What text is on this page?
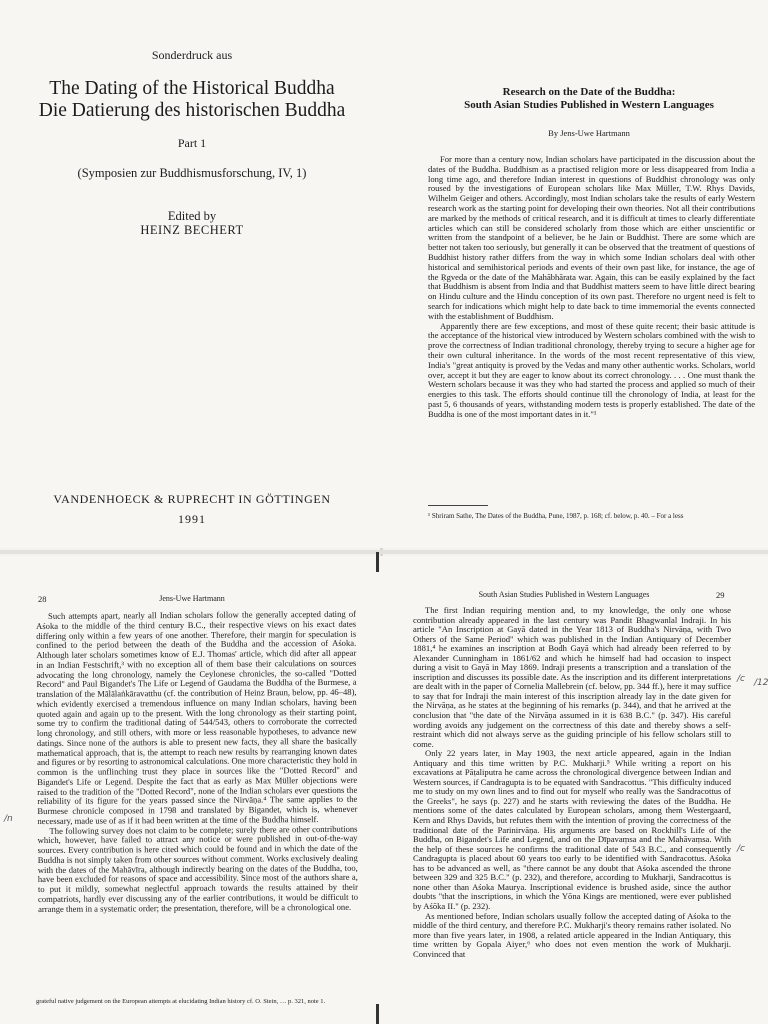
Sonderdruck aus
The Dating of the Historical Buddha
Die Datierung des historischen Buddha
Part 1
(Symposien zur Buddhismusforschung, IV, 1)
Edited by
HEINZ BECHERT
VANDENHOECK & RUPRECHT IN GÖTTINGEN
1991
Research on the Date of the Buddha:
South Asian Studies Published in Western Languages
By Jens-Uwe Hartmann

For more than a century now, Indian scholars have participated in the discussion about the dates of the Buddha. Buddhism as a practised religion more or less disappeared from India a long time ago, and therefore Indian interest in questions of Buddhist chronology was only roused by the investigations of European scholars like Max Müller, T.W. Rhys Davids, Wilhelm Geiger and others. Accordingly, most Indian scholars take the results of early Western research work as the starting point for developing their own theories. Not all their contributions are marked by the methods of critical research, and it is difficult at times to clearly differentiate articles which can still be considered scholarly from those which are either unscientific or written from the standpoint of a believer, be he Jain or Buddhist. There are some which are better not taken too seriously, but generally it can be observed that the treatment of questions of Buddhist history rather differs from the way in which some Indian scholars deal with other historical and semihistorical periods and events of their own past like, for instance, the age of the Ṛgveda or the date of the Mahābhārata war. Again, this can be easily explained by the fact that Buddhism is absent from India and that Buddhist matters seem to have little direct bearing on Hindu culture and the Hindu conception of its own past. Therefore no urgent need is felt to search for indications which might help to date back to time immemorial the events connected with the establishment of Buddhism.

Apparently there are few exceptions, and most of these quite recent; their basic attitude is the acceptance of the historical view introduced by Western scholars combined with the wish to prove the correctness of Indian traditional chronology, thereby trying to secure a higher age for their own cultural inheritance. In the words of the most recent representative of this view, India's "great antiquity is proved by the Vedas and many other authentic works. Scholars, world over, accept it but they are eager to know about its correct chronology. . . . One must thank the Western scholars because it was they who had started the process and applied so much of their energies to this task. The efforts should continue till the chronology of India, at least for the past 5, 6 thousands of years, withstanding modern tests is properly established. The date of the Buddha is one of the most important dates in it."¹

¹ Shriram Sathe, The Dates of the Buddha, Pune, 1987, p. 168; cf. below, p. 40. – For a less
28	Jens-Uwe Hartmann

Such attempts apart, nearly all Indian scholars follow the generally accepted dating of Aśoka to the middle of the third century B.C., their respective views on his exact dates differing only within a few years of one another. Therefore, their margin for speculation is confined to the period between the death of the Buddha and the accession of Aśoka. Although later scholars sometimes know of E.J. Thomas' article, which did after all appear in an Indian Festschrift,³ with no exception all of them base their calculations on sources advocating the long chronology, namely the Ceylonese chronicles, the so-called "Dotted Record" and Paul Bigandet's The Life or Legend of Gaudama the Buddha of the Burmese, a translation of the Mālālaṅkāravatthu (cf. the contribution of Heinz Braun, below, pp. 46–48), which evidently exercised a tremendous influence on many Indian scholars, having been quoted again and again up to the present. With the long chronology as their starting point, some try to confirm the traditional dating of 544/543, others to corroborate the corrected long chronology, and still others, with more or less reasonable hypotheses, to advance new datings. Since none of the authors is able to present new facts, they all share the basically mathematical approach, that is, the attempt to reach new results by rearranging known dates and figures or by resorting to astronomical calculations. One more characteristic they hold in common is the unflinching trust they place in sources like the "Dotted Record" and Bigandet's Life or Legend. Despite the fact that as early as Max Müller objections were raised to the tradition of the "Dotted Record", none of the Indian scholars ever questions the reliability of its figure for the years passed since the Nirvāṇa.⁴ The same applies to the Burmese chronicle composed in 1798 and translated by Bigandet, which is, whenever necessary, made use of as if it had been written at the time of the Buddha himself.

The following survey does not claim to be complete; surely there are other contributions which, however, have failed to attract any notice or were published in out-of-the-way sources. Every contribution is here cited which could be found and in which the date of the Buddha is not simply taken from other sources without comment. Works exclusively dealing with the dates of the Mahāvīra, although indirectly bearing on the dates of the Buddha, too, have been excluded for reasons of space and accessibility. Since most of the authors share a, to put it mildly, somewhat neglectful approach towards the results attained by their compatriots, hardly ever discussing any of the earlier contributions, it would be difficult to arrange them in a systematic order; the presentation, therefore, will be a chronological one.

grateful native judgement on the European attempts at elucidating Indian history cf. O. Stein, … p. 321, note 1.
/n
South Asian Studies Published in Western Languages	29

The first Indian requiring mention and, to my knowledge, the only one whose contribution already appeared in the last century was Pandit Bhagwanlal Indraji. In his article "An Inscription at Gayā dated in the Year 1813 of Buddha's Nirvāṇa, with Two Others of the Same Period" which was published in the Indian Antiquary of December 1881,⁴ he examines an inscription at Bodh Gayā which had already been referred to by Alexander Cunningham in 1861/62 and which he himself had had occasion to inspect during a visit to Gayā in May 1869. Indraji presents a transcription and a translation of the inscription and discusses its possible date. As the inscription and its different interpretations are dealt with in the paper of Cornelia Mallebrein (cf. below, pp. 344 ff.), here it may suffice to say that for Indraji the main interest of this inscription already lay in the date given for the Nirvāṇa, as he states at the beginning of his remarks (p. 344), and that he arrived at the conclusion that "the date of the Nirvāṇa assumed in it is 638 B.C." (p. 347). His careful wording avoids any judgement on the correctness of this date and thereby shows a self-restraint which did not always serve as the guiding principle of his fellow scholars still to come.

Only 22 years later, in May 1903, the next article appeared, again in the Indian Antiquary and this time written by P.C. Mukharji.⁵ While writing a report on his excavations at Pāṭaliputra he came across the chronological divergence between Indian and Western sources, if Candragupta is to be equated with Sandracottus. "This difficulty induced me to study on my own lines and to find out for myself who really was the Sandracottus of the Greeks", he says (p. 227) and he starts with reviewing the dates of the Buddha. He mentions some of the dates calculated by European scholars, among them Westergaard, Kern and Rhys Davids, but refutes them with the intention of proving the correctness of the traditional date of the Parinirvāṇa. His arguments are based on Rockhill's Life of the Buddha, on Bigandet's Life and Legend, and on the Dīpavaṃsa and the Mahāvaṃsa. With the help of these sources he confirms the traditional date of 543 B.C., and consequently Candragupta is placed about 60 years too early to be identified with Sandracottus. Aśoka has to be advanced as well, as "there cannot be any doubt that Aśoka ascended the throne between 329 and 325 B.C." (p. 232), and therefore, according to Mukharji, Sandracottus is none other than Aśoka Maurya. Inscriptional evidence is brushed aside, since the author doubts "that the inscriptions, in which the Yōna Kings are mentioned, were ever published by Aśōka II." (p. 232).

As mentioned before, Indian scholars usually follow the accepted dating of Aśoka to the middle of the third century, and therefore P.C. Mukharji's theory remains rather isolated. No more than five years later, in 1908, a related article appeared in the Indian Antiquary, this time written by Gopala Aiyer,⁶ who does not even mention the work of Mukharji. Convinced that

/c /12
/c
